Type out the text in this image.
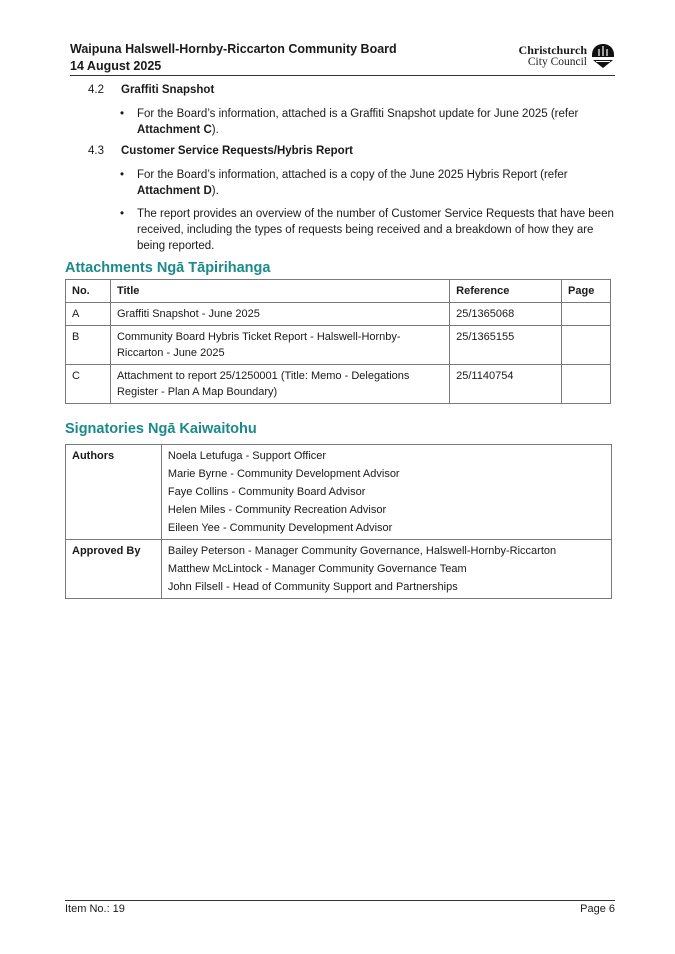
Waipuna Halswell-Hornby-Riccarton Community Board
14 August 2025
Christchurch
City Council
4.2 Graffiti Snapshot
• For the Board’s information, attached is a Graffiti Snapshot update for June 2025 (refer Attachment C).
4.3 Customer Service Requests/Hybris Report
• For the Board’s information, attached is a copy of the June 2025 Hybris Report (refer Attachment D).
• The report provides an overview of the number of Customer Service Requests that have been received, including the types of requests being received and a breakdown of how they are being reported.
Attachments Ngā Tāpirihanga
No.	Title	Reference	Page
A	Graffiti Snapshot - June 2025	25/1365068	
B	Community Board Hybris Ticket Report - Halswell-Hornby-Riccarton - June 2025	25/1365155	
C	Attachment to report 25/1250001 (Title: Memo - Delegations Register - Plan A Map Boundary)	25/1140754	
Signatories Ngā Kaiwaitohu
Authors	Noela Letufuga - Support Officer
Marie Byrne - Community Development Advisor
Faye Collins - Community Board Advisor
Helen Miles - Community Recreation Advisor
Eileen Yee - Community Development Advisor

Approved By	Bailey Peterson - Manager Community Governance, Halswell-Hornby-Riccarton
Matthew McLintock - Manager Community Governance Team
John Filsell - Head of Community Support and Partnerships
Item No.: 19	Page 6
